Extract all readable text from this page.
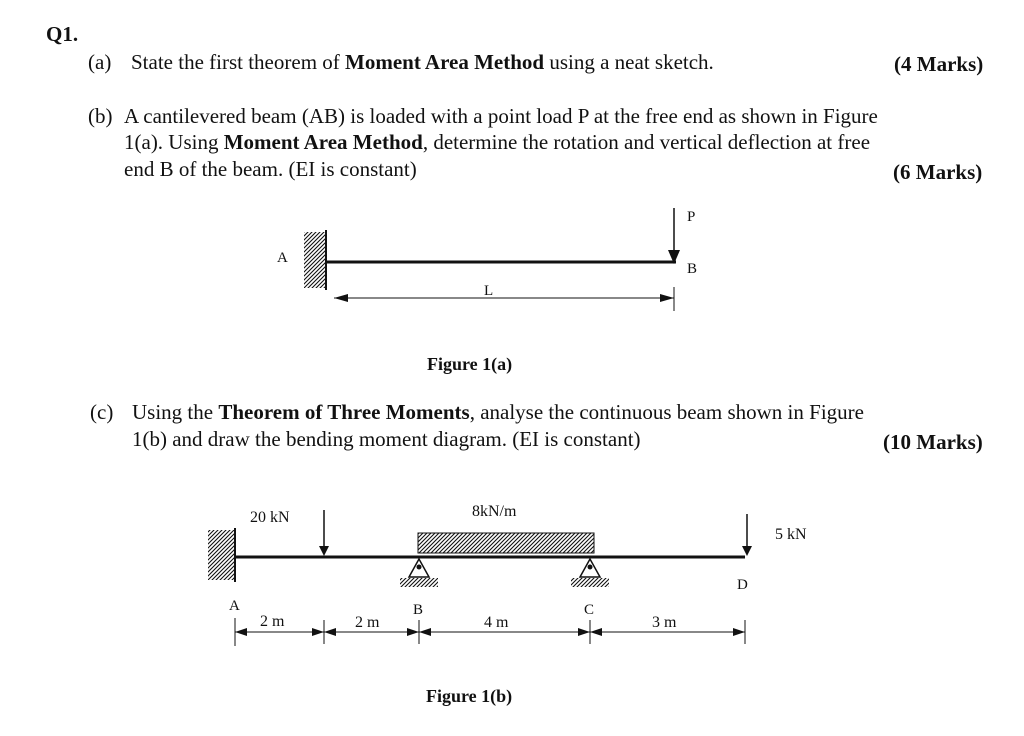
Q1.
(a) State the first theorem of Moment Area Method using a neat sketch.	(4 Marks)
(b) A cantilevered beam (AB) is loaded with a point load P at the free end as shown in Figure
1(a). Using Moment Area Method, determine the rotation and vertical deflection at free
end B of the beam. (EI is constant)	(6 Marks)
A
P
B
L
Figure 1(a)
(c) Using the Theorem of Three Moments, analyse the continuous beam shown in Figure
1(b) and draw the bending moment diagram. (EI is constant)	(10 Marks)
20 kN	8kN/m
5 kN
A	B	C
D
2 m	2 m	4 m	3 m
Figure 1(b)
